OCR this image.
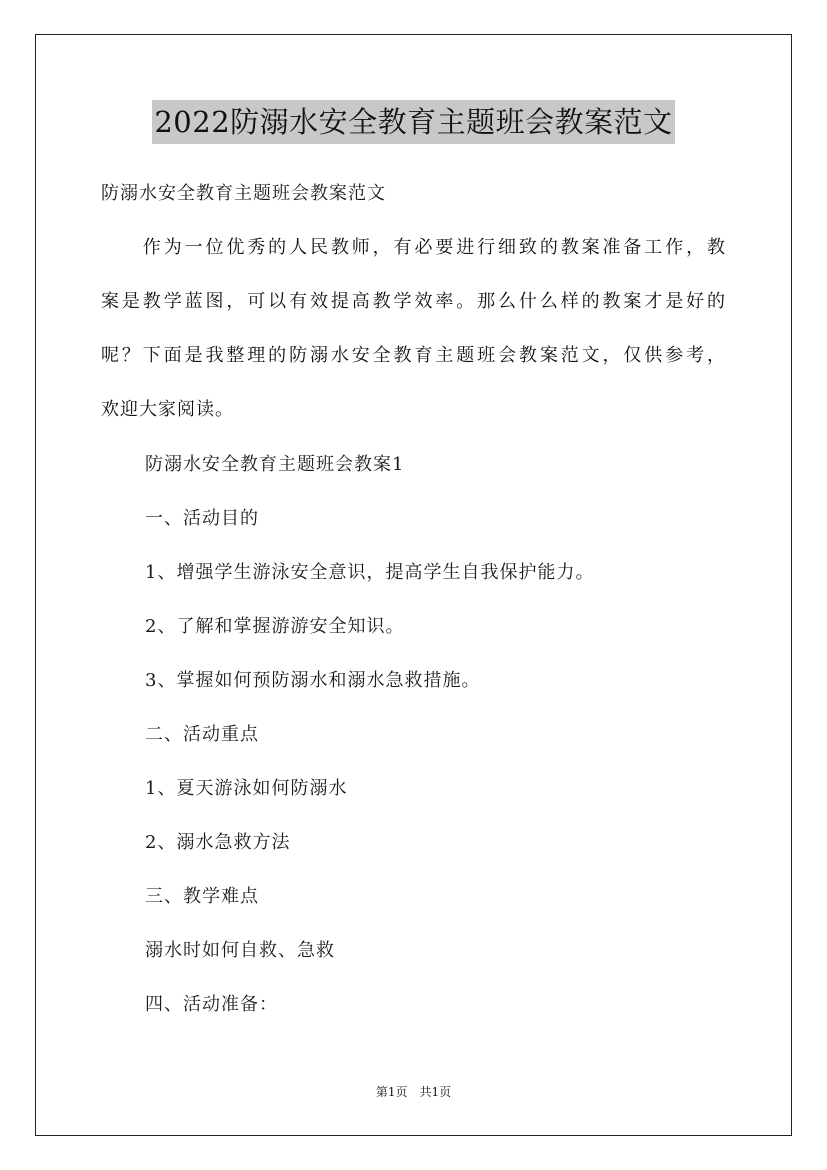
2022防溺水安全教育主题班会教案范文
防溺水安全教育主题班会教案范文
　　作为一位优秀的人民教师，有必要进行细致的教案准备工作，教
案是教学蓝图，可以有效提高教学效率。那么什么样的教案才是好的
呢？下面是我整理的防溺水安全教育主题班会教案范文，仅供参考，
欢迎大家阅读。
防溺水安全教育主题班会教案1
一、活动目的
1、增强学生游泳安全意识，提高学生自我保护能力。
2、了解和掌握游游安全知识。
3、掌握如何预防溺水和溺水急救措施。
二、活动重点
1、夏天游泳如何防溺水
2、溺水急救方法
三、教学难点
溺水时如何自救、急救
四、活动准备：
第1页　共1页
